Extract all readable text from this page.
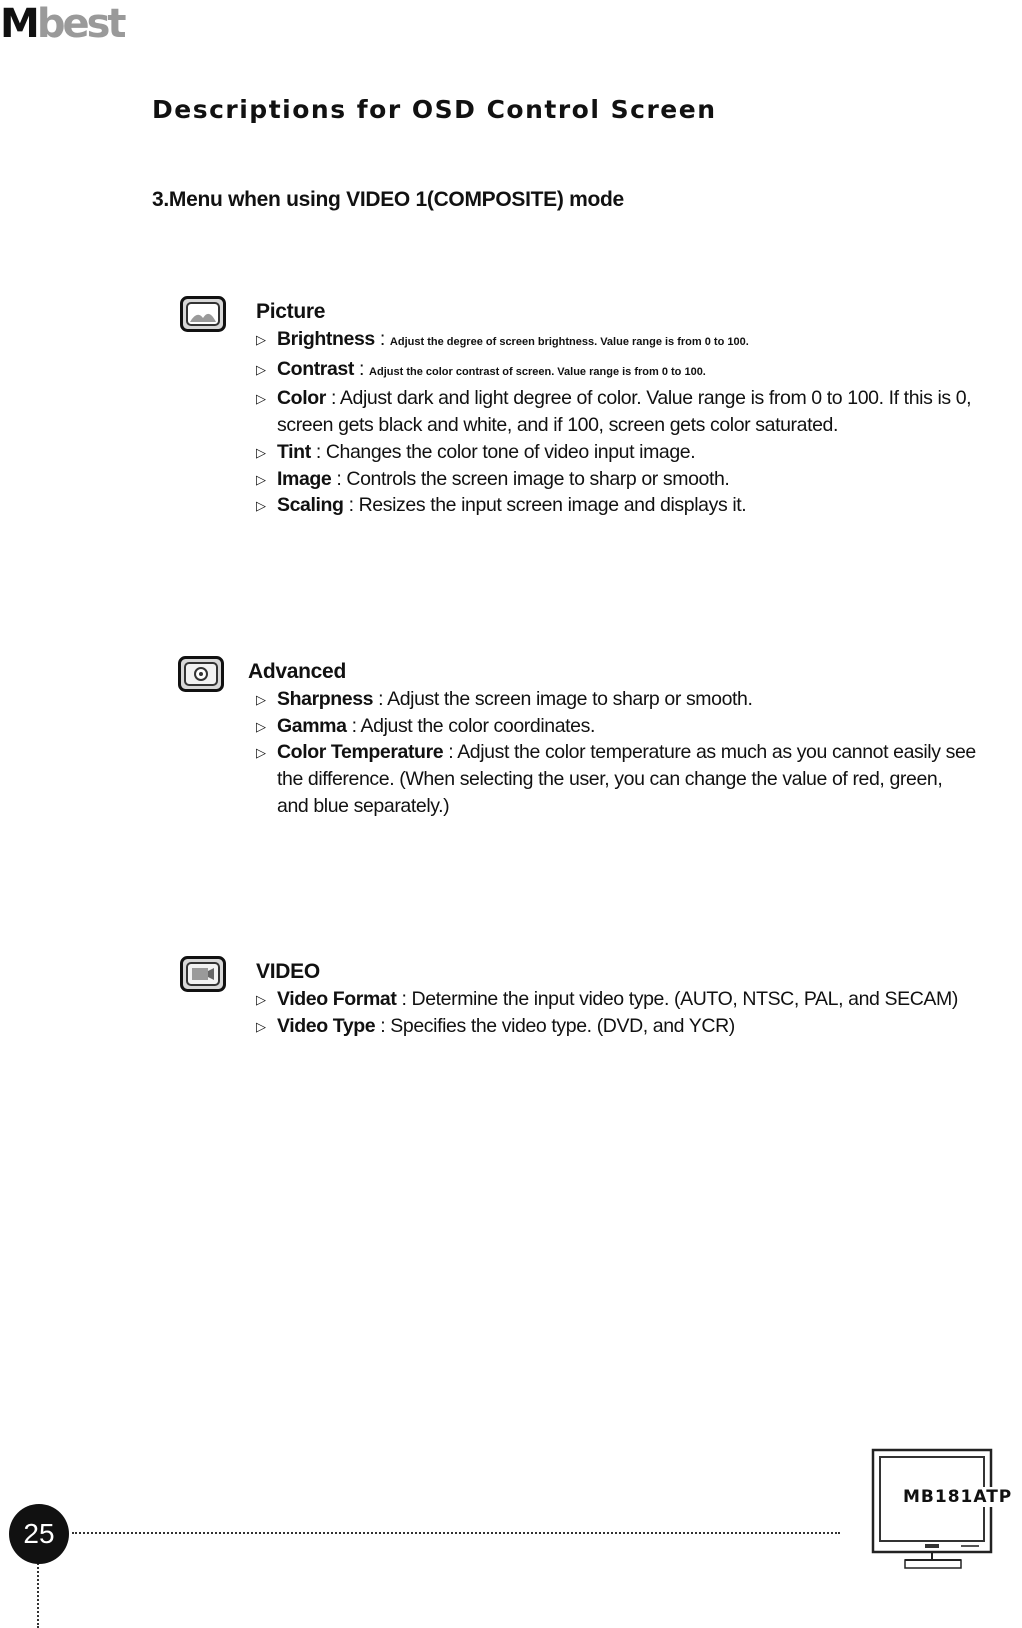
Mbest
Descriptions for OSD Control Screen
3.Menu when using VIDEO 1(COMPOSITE) mode
Picture
▷ Brightness : Adjust the degree of screen brightness. Value range is from 0 to 100.
▷ Contrast : Adjust the color contrast of screen. Value range is from 0 to 100.
▷ Color : Adjust dark and light degree of color. Value range is from 0 to 100. If this is 0, screen gets black and white, and if 100, screen gets color saturated.
▷ Tint : Changes the color tone of video input image.
▷ Image : Controls the screen image to sharp or smooth.
▷ Scaling : Resizes the input screen image and displays it.
Advanced
▷ Sharpness : Adjust the screen image to sharp or smooth.
▷ Gamma : Adjust the color coordinates.
▷ Color Temperature : Adjust the color temperature as much as you cannot easily see the difference. (When selecting the user, you can change the value of red, green, and blue separately.)
VIDEO
▷ Video Format : Determine the input video type. (AUTO, NTSC, PAL, and SECAM)
▷ Video Type : Specifies the video type. (DVD, and YCR)
25
MB181ATP
